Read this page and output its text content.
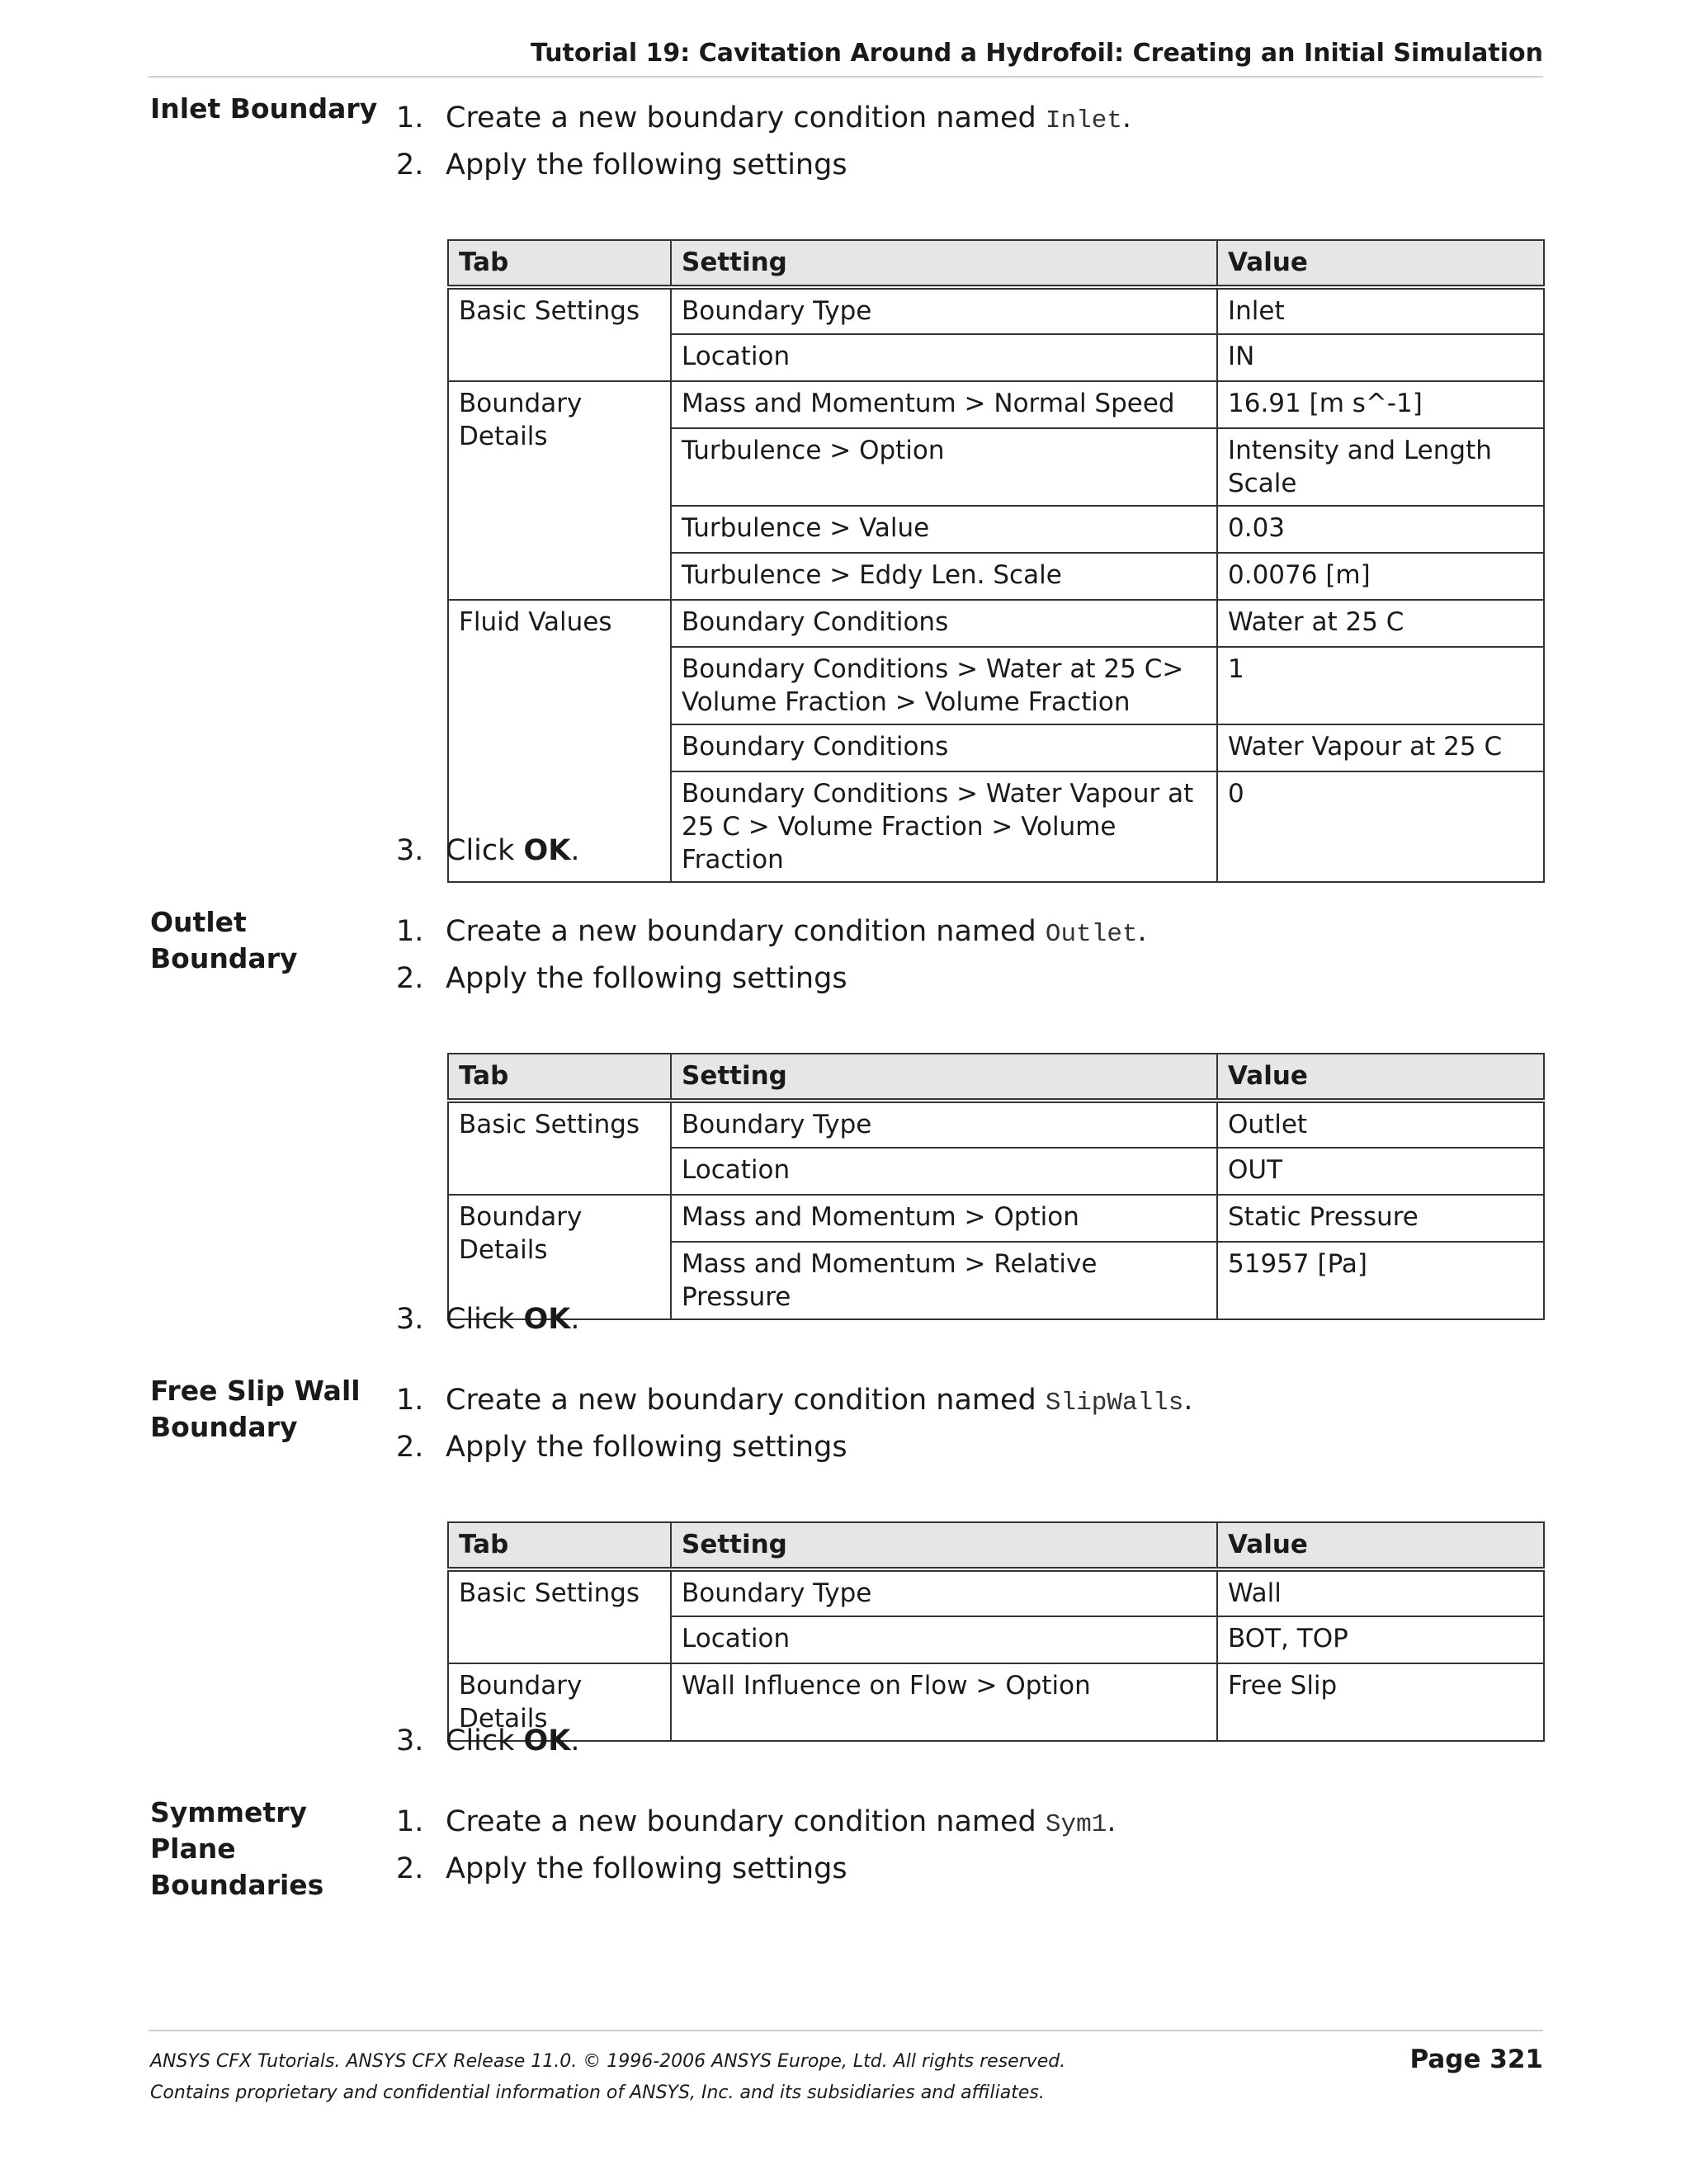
Tutorial 19: Cavitation Around a Hydrofoil: Creating an Initial Simulation
Inlet Boundary 1. Create a new boundary condition named Inlet.
2. Apply the following settings
Tab	Setting	Value
Basic Settings	Boundary Type	Inlet
	Location	IN
Boundary Details	Mass and Momentum > Normal Speed	16.91 [m s^-1]
	Turbulence > Option	Intensity and Length Scale
	Turbulence > Value	0.03
	Turbulence > Eddy Len. Scale	0.0076 [m]
Fluid Values	Boundary Conditions	Water at 25 C
	Boundary Conditions > Water at 25 C> Volume Fraction > Volume Fraction	1
	Boundary Conditions	Water Vapour at 25 C
	Boundary Conditions > Water Vapour at 25 C > Volume Fraction > Volume Fraction	0
3. Click OK.
Outlet Boundary
1. Create a new boundary condition named Outlet.
2. Apply the following settings
Tab	Setting	Value
Basic Settings	Boundary Type	Outlet
	Location	OUT
Boundary Details	Mass and Momentum > Option	Static Pressure
	Mass and Momentum > Relative Pressure	51957 [Pa]
3. Click OK.
Free Slip Wall Boundary
1. Create a new boundary condition named SlipWalls.
2. Apply the following settings
Tab	Setting	Value
Basic Settings	Boundary Type	Wall
	Location	BOT, TOP
Boundary Details	Wall Influence on Flow > Option	Free Slip
3. Click OK.
Symmetry Plane Boundaries
1. Create a new boundary condition named Sym1.
2. Apply the following settings
ANSYS CFX Tutorials. ANSYS CFX Release 11.0. © 1996-2006 ANSYS Europe, Ltd. All rights reserved.
Contains proprietary and confidential information of ANSYS, Inc. and its subsidiaries and affiliates.
Page 321
